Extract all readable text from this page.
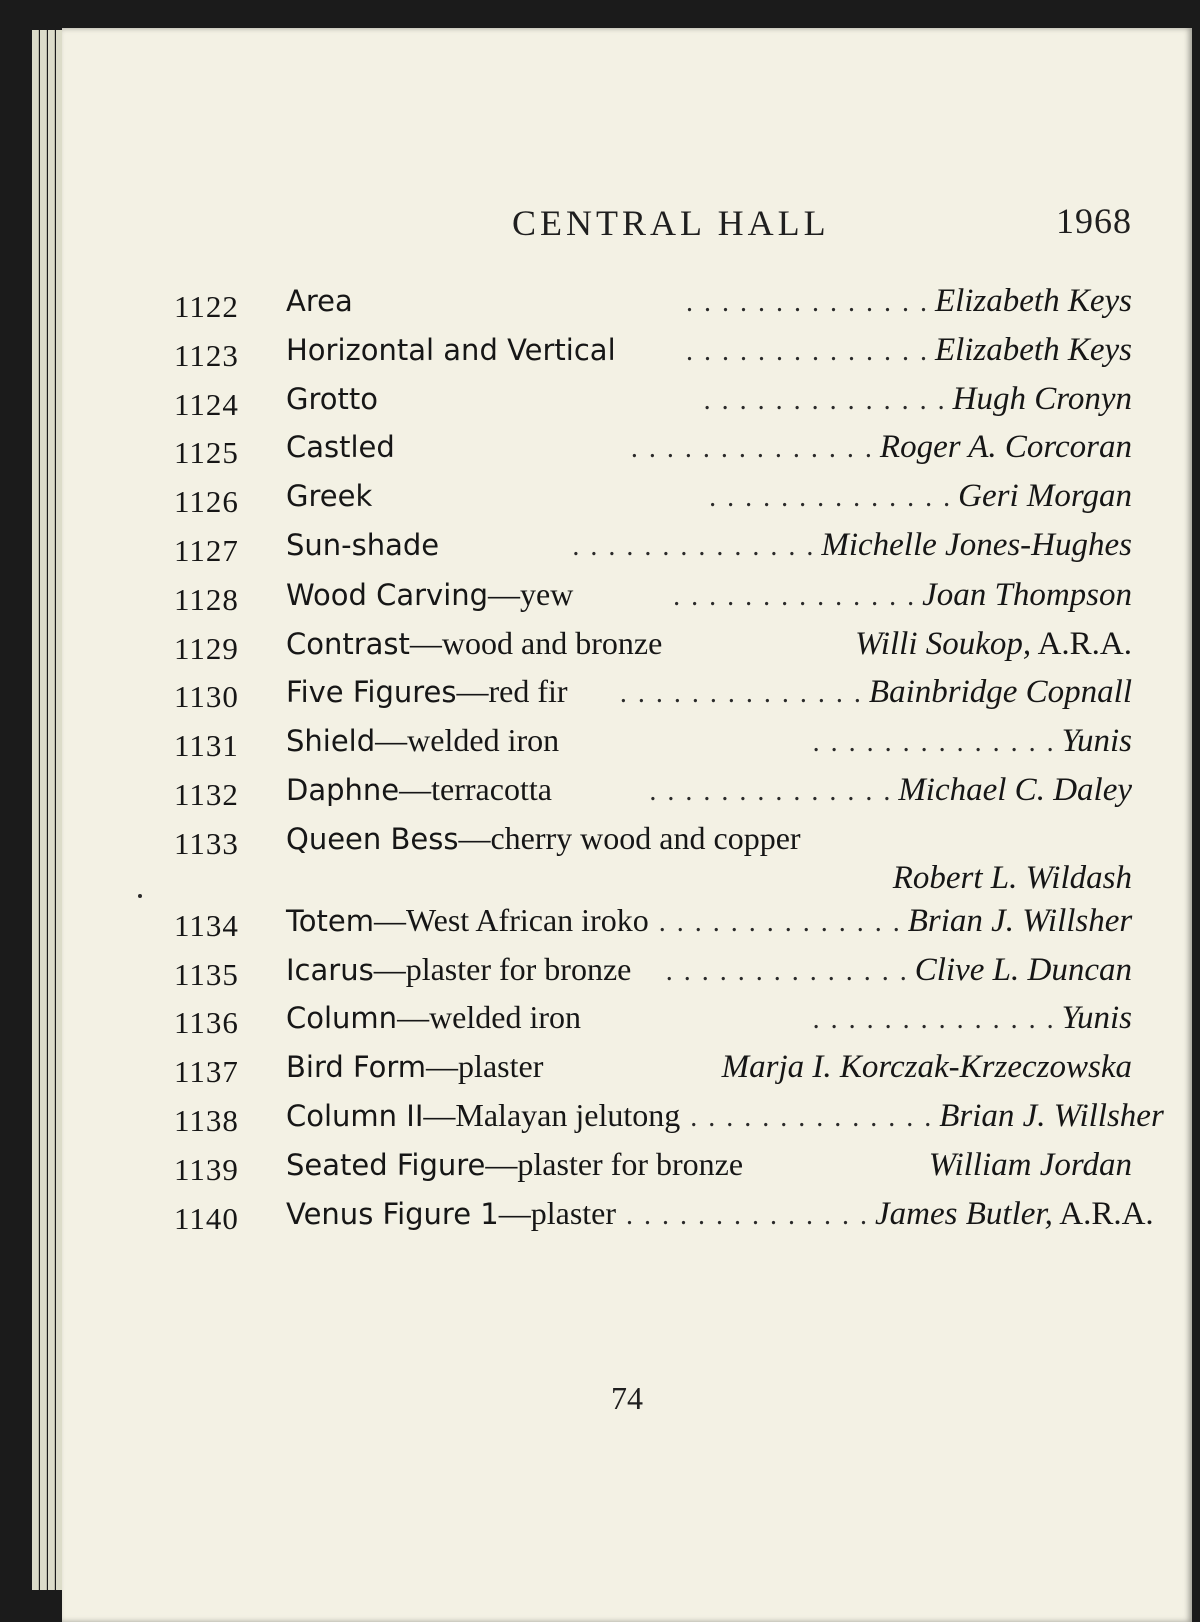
CENTRAL HALL	1968
1122	Area	. . . . . . . . . . . . . . Elizabeth Keys
1123	Horizontal and Vertical	. . . . . . . . . . . . . . Elizabeth Keys
1124	Grotto	. . . . . . . . . . . . . . Hugh Cronyn
1125	Castled	. . . . . . . . . . . . . . Roger A. Corcoran
1126	Greek	. . . . . . . . . . . . . . Geri Morgan
1127	Sun-shade	. . . . . . . . . . . . . . Michelle Jones-Hughes
1128	Wood Carving —yew	. . . . . . . . . . . . . . Joan Thompson
1129	Contrast —wood and bronze	Willi Soukop, A.R.A.
1130	Five Figures —red fir	. . . . . . . . . . . . . . Bainbridge Copnall
1131	Shield —welded iron	. . . . . . . . . . . . . . Yunis
1132	Daphne —terracotta	. . . . . . . . . . . . . . Michael C. Daley
1133	Queen Bess —cherry wood and copper
Robert L. Wildash
1134	Totem —West African iroko . . . . . . . . . . . . . . Brian J. Willsher
1135	Icarus —plaster for bronze	. . . . . . . . . . . . . . Clive L. Duncan
1136	Column —welded iron	. . . . . . . . . . . . . . Yunis
1137	Bird Form —plaster	Marja I. Korczak-Krzeczowska
1138	Column II —Malayan jelutong . . . . . . . . . . . . . . Brian J. Willsher
1139	Seated Figure —plaster for bronze	William Jordan
1140	Venus Figure 1 —plaster . . . . . . . . . . . . . . James Butler, A.R.A.
74
